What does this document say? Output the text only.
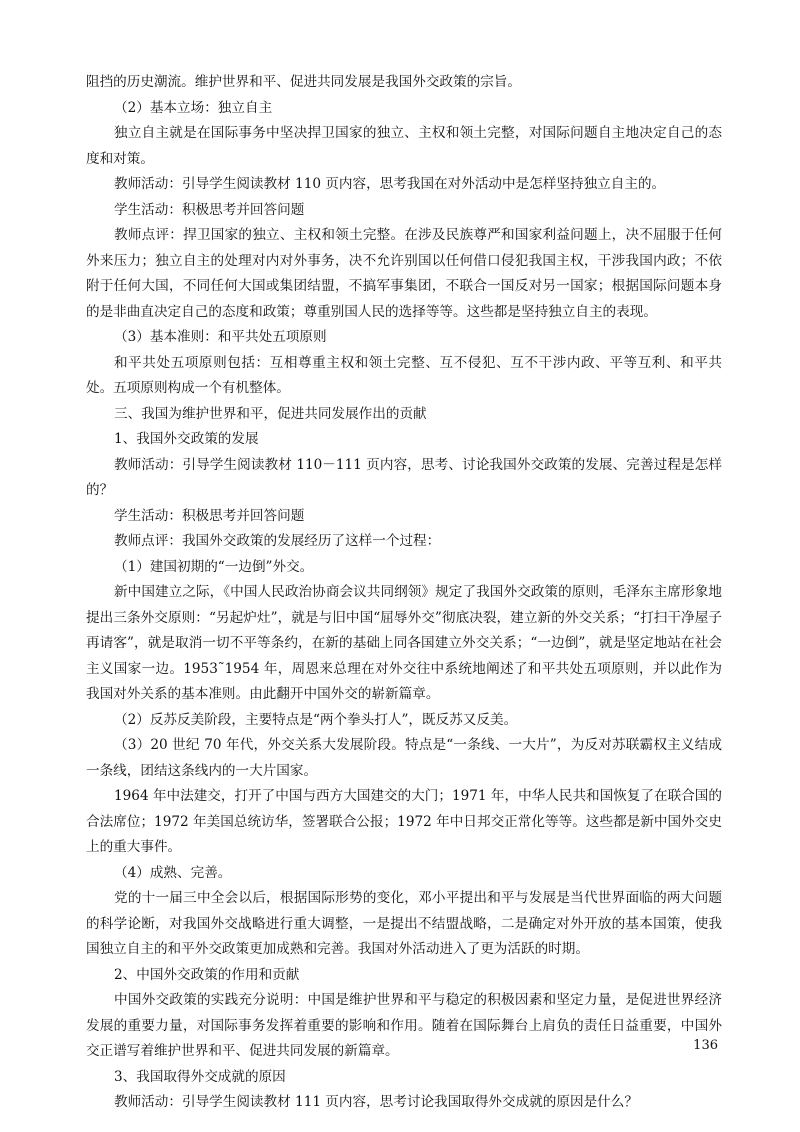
阻挡的历史潮流。维护世界和平、促进共同发展是我国外交政策的宗旨。

（2）基本立场：独立自主

独立自主就是在国际事务中坚决捍卫国家的独立、主权和领土完整，对国际问题自主地决定自己的态度和对策。

教师活动：引导学生阅读教材 110 页内容，思考我国在对外活动中是怎样坚持独立自主的。

学生活动：积极思考并回答问题

教师点评：捍卫国家的独立、主权和领土完整。在涉及民族尊严和国家利益问题上，决不屈服于任何外来压力；独立自主的处理对内对外事务，决不允许别国以任何借口侵犯我国主权，干涉我国内政；不依附于任何大国，不同任何大国或集团结盟，不搞军事集团，不联合一国反对另一国家；根据国际问题本身的是非曲直决定自己的态度和政策；尊重别国人民的选择等等。这些都是坚持独立自主的表现。

（3）基本准则：和平共处五项原则

和平共处五项原则包括：互相尊重主权和领土完整、互不侵犯、互不干涉内政、平等互利、和平共处。五项原则构成一个有机整体。

三、我国为维护世界和平，促进共同发展作出的贡献

1、我国外交政策的发展

教师活动：引导学生阅读教材 110－111 页内容，思考、讨论我国外交政策的发展、完善过程是怎样的？

学生活动：积极思考并回答问题

教师点评：我国外交政策的发展经历了这样一个过程：

（1）建国初期的“一边倒”外交。

新中国建立之际，《中国人民政治协商会议共同纲领》规定了我国外交政策的原则，毛泽东主席形象地提出三条外交原则：“另起炉灶”，就是与旧中国“屈辱外交”彻底决裂，建立新的外交关系；“打扫干净屋子再请客”，就是取消一切不平等条约，在新的基础上同各国建立外交关系；“一边倒”，就是坚定地站在社会主义国家一边。1953˜1954 年，周恩来总理在对外交往中系统地阐述了和平共处五项原则，并以此作为我国对外关系的基本准则。由此翻开中国外交的崭新篇章。

（2）反苏反美阶段，主要特点是“两个拳头打人”，既反苏又反美。

（3）20 世纪 70 年代，外交关系大发展阶段。特点是“一条线、一大片”，为反对苏联霸权主义结成一条线，团结这条线内的一大片国家。

1964 年中法建交，打开了中国与西方大国建交的大门；1971 年，中华人民共和国恢复了在联合国的合法席位；1972 年美国总统访华，签署联合公报；1972 年中日邦交正常化等等。这些都是新中国外交史上的重大事件。

（4）成熟、完善。

党的十一届三中全会以后，根据国际形势的变化，邓小平提出和平与发展是当代世界面临的两大问题的科学论断，对我国外交战略进行重大调整，一是提出不结盟战略，二是确定对外开放的基本国策，使我国独立自主的和平外交政策更加成熟和完善。我国对外活动进入了更为活跃的时期。

2、中国外交政策的作用和贡献

中国外交政策的实践充分说明：中国是维护世界和平与稳定的积极因素和坚定力量，是促进世界经济发展的重要力量，对国际事务发挥着重要的影响和作用。随着在国际舞台上肩负的责任日益重要，中国外交正谱写着维护世界和平、促进共同发展的新篇章。

3、我国取得外交成就的原因

教师活动：引导学生阅读教材 111 页内容，思考讨论我国取得外交成就的原因是什么？

136
